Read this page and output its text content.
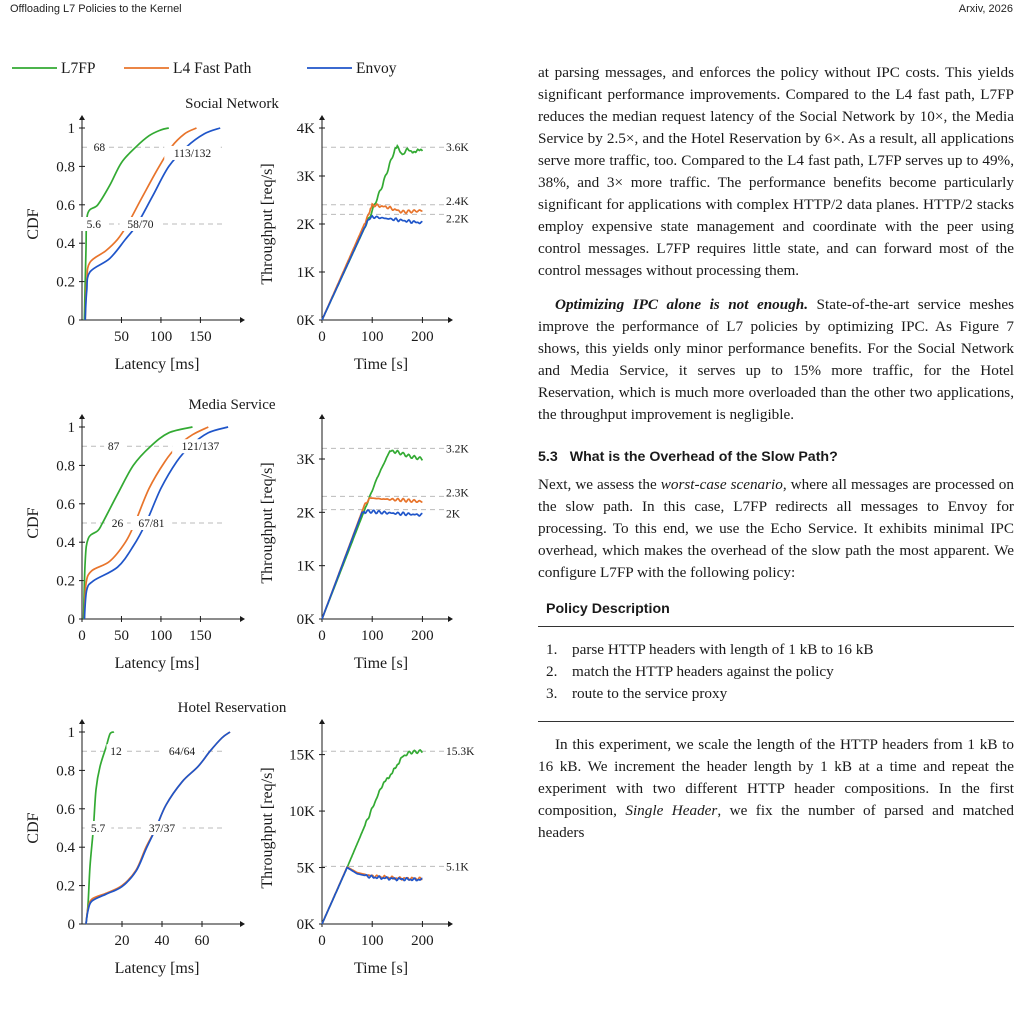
Offloading L7 Policies to the Kernel	Arxiv, 2026
L7FP	L4 Fast Path	Envoy
Social Network
50 100 150
0
0.2
0.4
0.6
0.8
1
Latency [ms]
CDF
68	113/132
5.6 58/70
0 100 200
0K
1K
2K
3K
4K
Time [s]
Throughput [req/s]
3.6K
2.4K
2.2K
Media Service
0 50 100 150
0
0.2
0.4
0.6
0.8
1
Latency [ms]
CDF
87	121/137
26 67/81
0 100 200
0K
1K
2K
3K
Time [s]
Throughput [req/s]
3.2K
2.3K
2K
Hotel Reservation
20 40 60
0
0.2
0.4
0.6
0.8
1
Latency [ms]
CDF
12	64/64
5.7	37/37
0 100 200
0K
5K
10K
15K
Time [s]
Throughput [req/s]
15.3K
5.1K

at parsing messages, and enforces the policy without IPC costs. This yields significant performance improvements. Compared to the L4 fast path, L7FP reduces the median request latency of the Social Network by 10×, the Media Service by 2.5×, and the Hotel Reservation by 6×. As a result, all applications serve more traffic, too. Compared to the L4 fast path, L7FP serves up to 49%, 38%, and 3× more traffic. The performance benefits become particularly significant for applications with complex HTTP/2 data planes. HTTP/2 stacks employ expensive state management and coordinate with the peer using control messages. L7FP requires little state, and can forward most of the control messages without processing them.

Optimizing IPC alone is not enough. State-of-the-art service meshes improve the performance of L7 policies by optimizing IPC. As Figure 7 shows, this yields only minor performance benefits. For the Social Network and Media Service, it serves up to 15% more traffic, for the Hotel Reservation, which is much more overloaded than the other two applications, the throughput improvement is negligible.

5.3 What is the Overhead of the Slow Path?

Next, we assess the worst-case scenario, where all messages are processed on the slow path. In this case, L7FP redirects all messages to Envoy for processing. To this end, we use the Echo Service. It exhibits minimal IPC overhead, which makes the overhead of the slow path the most apparent. We configure L7FP with the following policy:

Policy Description
1. parse HTTP headers with length of 1 kB to 16 kB
2. match the HTTP headers against the policy
3. route to the service proxy

In this experiment, we scale the length of the HTTP headers from 1 kB to 16 kB. We increment the header length by 1 kB at a time and repeat the experiment with two different HTTP header compositions. In the first composition, Single Header, we fix the number of parsed and matched headers
